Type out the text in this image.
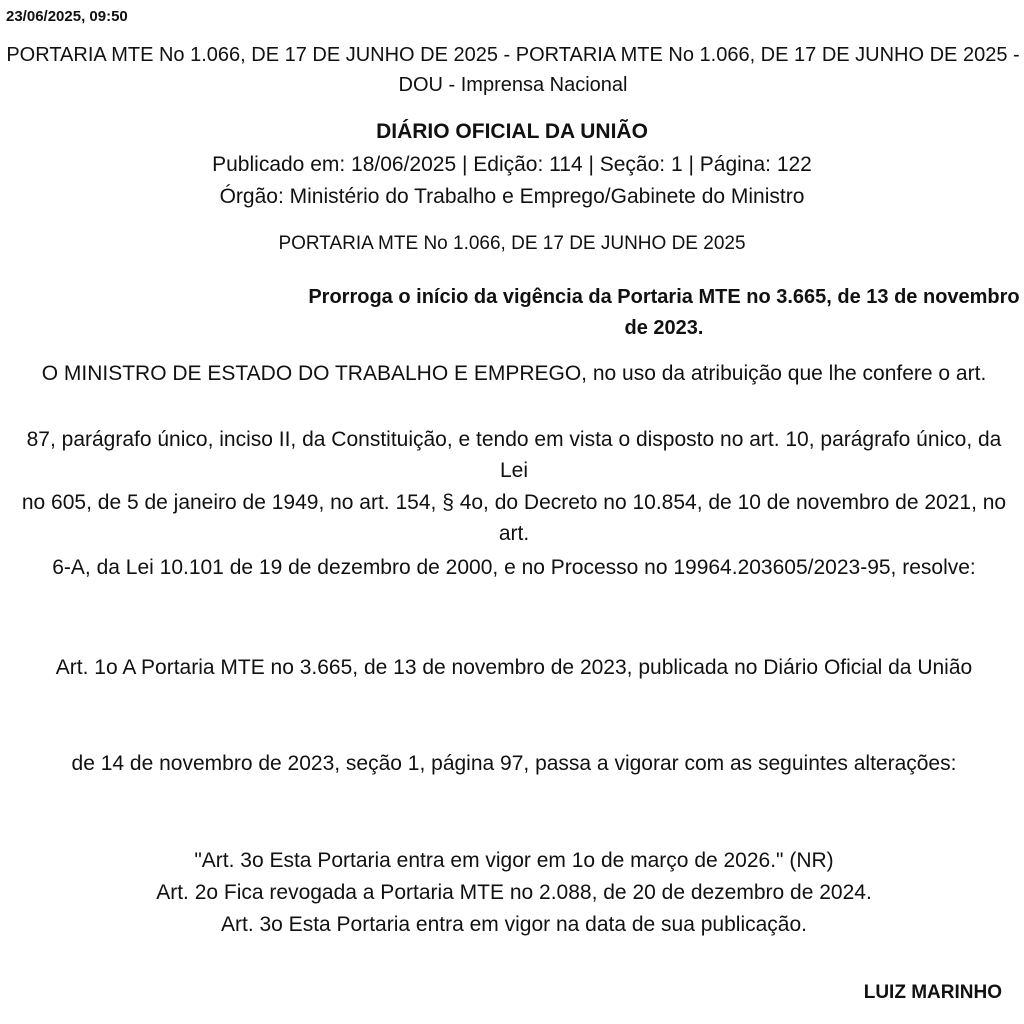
23/06/2025, 09:50
PORTARIA MTE No 1.066, DE 17 DE JUNHO DE 2025 - PORTARIA MTE No 1.066, DE 17 DE JUNHO DE 2025 - DOU - Imprensa Nacional
DIÁRIO OFICIAL DA UNIÃO
Publicado em: 18/06/2025 | Edição: 114 | Seção: 1 | Página: 122
Órgão: Ministério do Trabalho e Emprego/Gabinete do Ministro
PORTARIA MTE No 1.066, DE 17 DE JUNHO DE 2025
Prorroga o início da vigência da Portaria MTE no 3.665, de 13 de novembro de 2023.
O MINISTRO DE ESTADO DO TRABALHO E EMPREGO, no uso da atribuição que lhe confere o art.
87, parágrafo único, inciso II, da Constituição, e tendo em vista o disposto no art. 10, parágrafo único, da Lei
no 605, de 5 de janeiro de 1949, no art. 154, § 4o, do Decreto no 10.854, de 10 de novembro de 2021, no art.
6-A, da Lei 10.101 de 19 de dezembro de 2000, e no Processo no 19964.203605/2023-95, resolve:
Art. 1o A Portaria MTE no 3.665, de 13 de novembro de 2023, publicada no Diário Oficial da União
de 14 de novembro de 2023, seção 1, página 97, passa a vigorar com as seguintes alterações:
"Art. 3o Esta Portaria entra em vigor em 1o de março de 2026." (NR)
Art. 2o Fica revogada a Portaria MTE no 2.088, de 20 de dezembro de 2024.
Art. 3o Esta Portaria entra em vigor na data de sua publicação.
LUIZ MARINHO
